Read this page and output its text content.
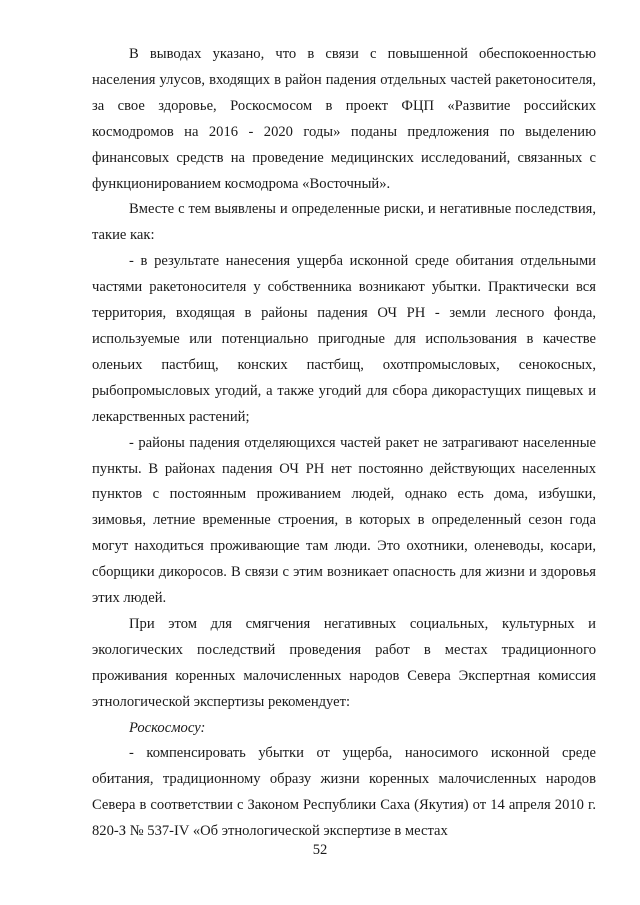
В выводах указано, что в связи с повышенной обеспокоенностью населения улусов, входящих в район падения отдельных частей ракетоносителя, за свое здоровье, Роскосмосом в проект ФЦП «Развитие российских космодромов на 2016 - 2020 годы» поданы предложения по выделению финансовых средств на проведение медицинских исследований, связанных с функционированием космодрома «Восточный».

Вместе с тем выявлены и определенные риски, и негативные последствия, такие как:

- в результате нанесения ущерба исконной среде обитания отдельными частями ракетоносителя у собственника возникают убытки. Практически вся территория, входящая в районы падения ОЧ РН - земли лесного фонда, используемые или потенциально пригодные для использования в качестве оленьих пастбищ, конских пастбищ, охотпромысловых, сенокосных, рыбопромысловых угодий, а также угодий для сбора дикорастущих пищевых и лекарственных растений;

- районы падения отделяющихся частей ракет не затрагивают населенные пункты. В районах падения ОЧ РН нет постоянно действующих населенных пунктов с постоянным проживанием людей, однако есть дома, избушки, зимовья, летние временные строения, в которых в определенный сезон года могут находиться проживающие там люди. Это охотники, оленеводы, косари, сборщики дикоросов. В связи с этим возникает опасность для жизни и здоровья этих людей.

При этом для смягчения негативных социальных, культурных и экологических последствий проведения работ в местах традиционного проживания коренных малочисленных народов Севера Экспертная комиссия этнологической экспертизы рекомендует:

Роскосмосу:

- компенсировать убытки от ущерба, наносимого исконной среде обитания, традиционному образу жизни коренных малочисленных народов Севера в соответствии с Законом Республики Саха (Якутия) от 14 апреля 2010 г. 820-З № 537-IV «Об этнологической экспертизе в местах

52
